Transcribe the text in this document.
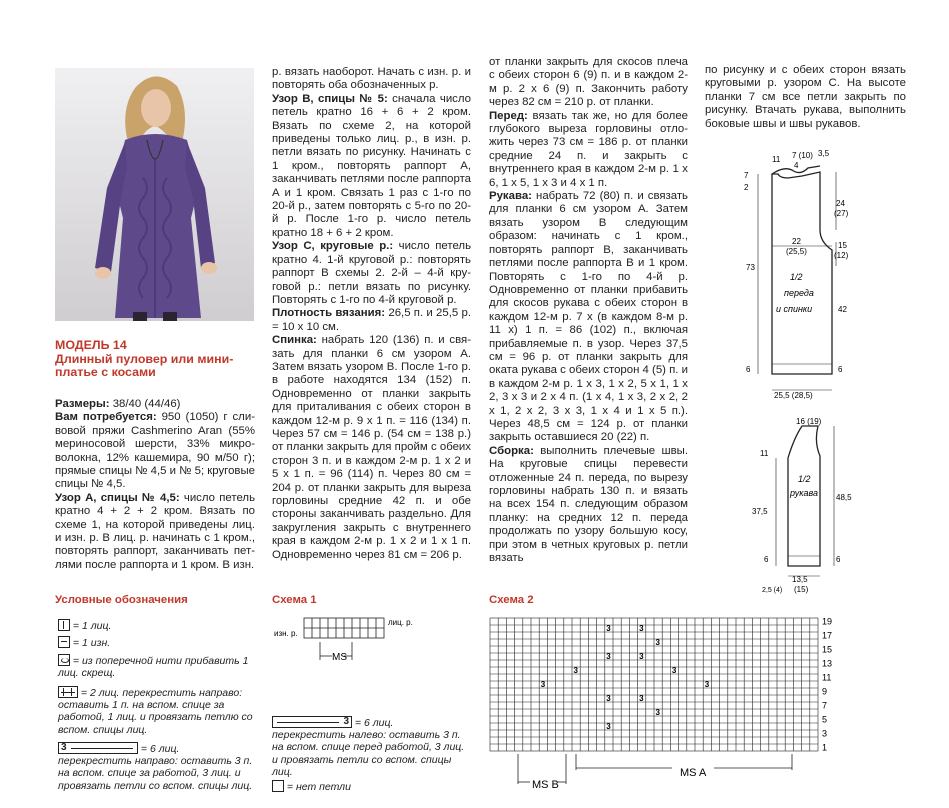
МОДЕЛЬ 14
Длинный пуловер или мини-
платье с косами

Размеры: 38/40 (44/46)

Вам потребуется: 950 (1050) г сливовой пряжи Cashmerino Aran (55% мериносовой шерсти, 33% микроволокна, 12% кашемира, 90 м/50 г); прямые спицы № 4,5 и № 5; круговые спицы № 4,5.

Узор А, спицы № 4,5: число петель кратно 4 + 2 + 2 кром. Вязать по схеме 1, на которой приведены лиц. и изн. р. В лиц. р. начинать с 1 кром., повторять раппорт, заканчивать петлями после раппорта и 1 кром. В изн.

р. вязать наоборот. Начать с изн. р. и повторять оба обозначенных р.

Узор В, спицы № 5: сначала число петель кратно 16 + 6 + 2 кром. Вязать по схеме 2, на которой приведены только лиц. р., в изн. р. петли вязать по рисунку. Начинать с 1 кром., повторять раппорт А, заканчивать петлями после раппорта А и 1 кром. Связать 1 раз с 1-го по 20-й р., затем повторять с 5-го по 20-й р. После 1-го р. число петель кратно 18 + 6 + 2 кром.

Узор С, круговые р.: число петель кратно 4. 1-й круговой р.: повторять раппорт В схемы 2. 2-й – 4-й круговой р.: петли вязать по рисунку. Повторять с 1-го по 4-й круговой р.

Плотность вязания: 26,5 п. и 25,5 р. = 10 x 10 см.

Спинка: набрать 120 (136) п. и связать для планки 6 см узором А. Затем вязать узором В. После 1-го р. в работе находятся 134 (152) п. Одновременно от планки закрыть для приталивания с обеих сторон в каждом 12-м р. 9 x 1 п. = 116 (134) п. Через 57 см = 146 р. (54 см = 138 р.) от планки закрыть для пройм с обеих сторон 3 п. и в каждом 2-м р. 1 x 2 и 5 x 1 п. = 96 (114) п. Через 80 см = 204 р. от планки закрыть для выреза горловины средние 42 п. и обе стороны заканчивать раздельно. Для закругления закрыть с внутреннего края в каждом 2-м р. 1 x 2 и 1 x 1 п. Одновременно через 81 см = 206 р.

от планки закрыть для скосов плеча с обеих сторон 6 (9) п. и в каждом 2-м р. 2 x 6 (9) п. Закончить работу через 82 см = 210 р. от планки.

Перед: вязать так же, но для более глубокого выреза горловины отложить через 73 см = 186 р. от планки средние 24 п. и закрыть с внутреннего края в каждом 2-м р. 1 x 6, 1 x 5, 1 x 3 и 4 x 1 п.

Рукава: набрать 72 (80) п. и связать для планки 6 см узором А. Затем вязать узором В следующим образом: начинать с 1 кром., повторять раппорт В, заканчивать петлями после раппорта В и 1 кром. Повторять с 1-го по 4-й р. Одновременно от планки прибавить для скосов рукава с обеих сторон в каждом 12-м р. 7 x (в каждом 8-м р. 11 x) 1 п. = 86 (102) п., включая прибавляемые п. в узор. Через 37,5 см = 96 р. от планки закрыть для оката рукава с обеих сторон 4 (5) п. и в каждом 2-м р. 1 x 3, 1 x 2, 5 x 1, 1 x 2, 3 x 3 и 2 x 4 п. (1 x 4, 1 x 3, 2 x 2, 2 x 1, 2 x 2, 3 x 3, 1 x 4 и 1 x 5 п.). Через 48,5 см = 124 р. от планки закрыть оставшиеся 20 (22) п.

Сборка: выполнить плечевые швы. На круговые спицы перевести отложенные 24 п. переда, по вырезу горловины набрать 130 п. и вязать на всех 154 п. следующим образом планку: на средних 12 п. переда продолжать по узору большую косу, при этом в четных круговых р. петли вязать

по рисунку и с обеих сторон вязать круговыми р. узором С. На высоте планки 7 см все петли закрыть по рисунку. Втачать рукава, выполнить боковые швы и швы рукавов.

11 7 (10)
4
3,5
7
2
24
(27)
22
(25,5)
15
(12)
73
42
6	6
25,5 (28,5)
1/2
переда
и спинки
16 (19)
11
37,5
48,5
6	6
13,5
(15)
2,5 (4)
1/2
рукава
Условные обозначения
= 1 лиц.
= 1 изн.
= из поперечной нити прибавить 1 лиц. скрещ.
= 2 лиц. перекрестить направо: оставить 1 п. на вспом. спице за работой, 1 лиц. и провязать петлю со вспом. спицы лиц.
3	= 6 лиц. перекрестить направо: оставить 3 п. на вспом. спице за работой, 3 лиц. и провязать петли со вспом. спицы лиц.
Схема 1
3 = 6 лиц. перекрестить налево: оставить 3 п. на вспом. спице перед работой, 3 лиц. и провязать петли со вспом. спицы лиц.
= нет петли
лиц. р.
изн. р.
MS
Схема 2
19
17
15
13
11
9
7
5
3
1
3	3
3
3	3
3	3
3
3
3	3
3
3
MS B
MS A
